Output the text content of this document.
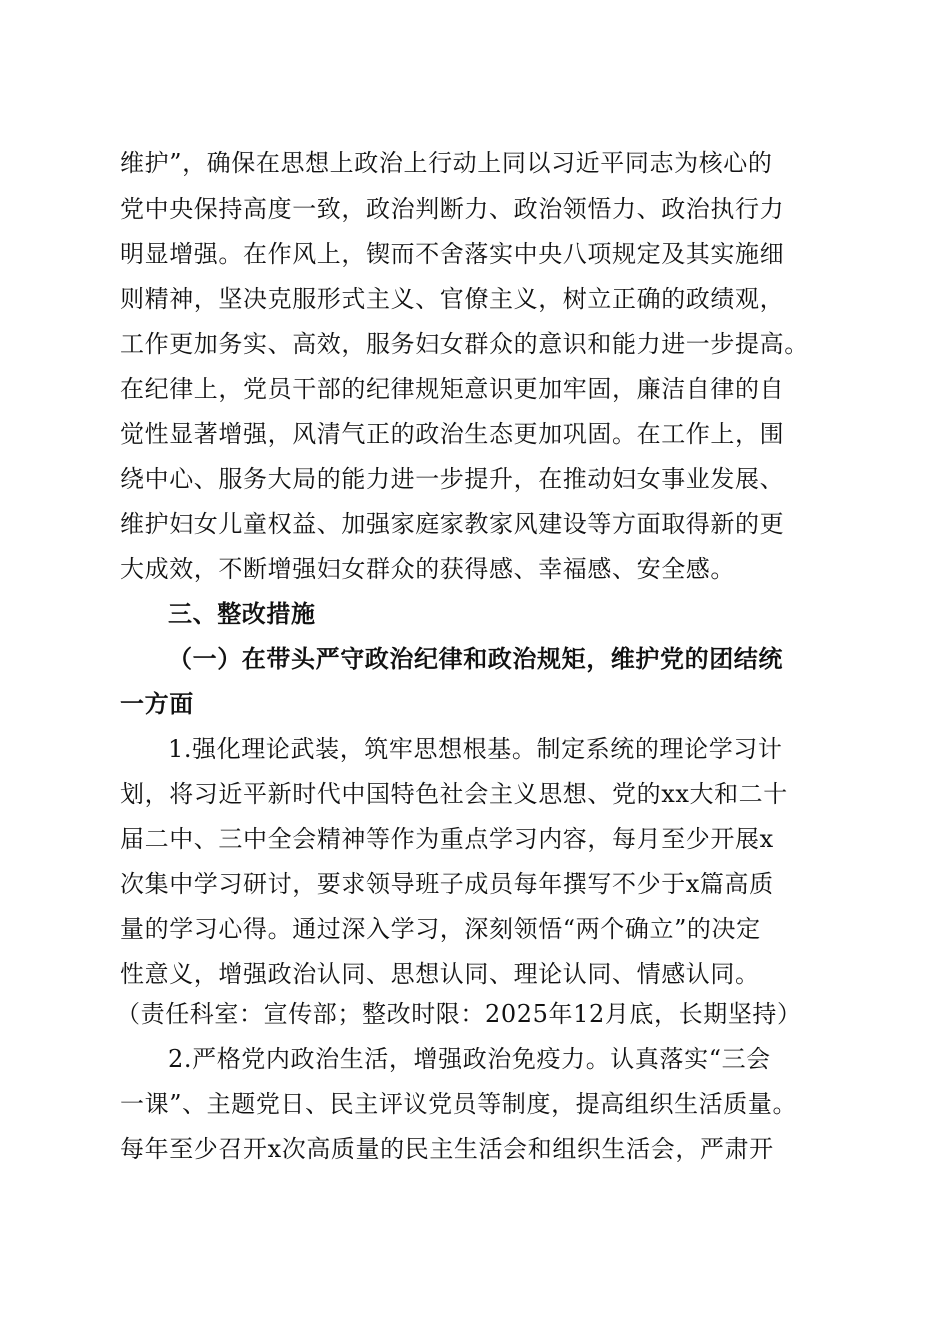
维护”，确保在思想上政治上行动上同以习近平同志为核心的
党中央保持高度一致，政治判断力、政治领悟力、政治执行力
明显增强。在作风上，锲而不舍落实中央八项规定及其实施细
则精神，坚决克服形式主义、官僚主义，树立正确的政绩观，
工作更加务实、高效，服务妇女群众的意识和能力进一步提高。
在纪律上，党员干部的纪律规矩意识更加牢固，廉洁自律的自
觉性显著增强，风清气正的政治生态更加巩固。在工作上，围
绕中心、服务大局的能力进一步提升，在推动妇女事业发展、
维护妇女儿童权益、加强家庭家教家风建设等方面取得新的更
大成效，不断增强妇女群众的获得感、幸福感、安全感。
三、整改措施
（一）在带头严守政治纪律和政治规矩，维护党的团结统
一方面
1.强化理论武装，筑牢思想根基。制定系统的理论学习计
划，将习近平新时代中国特色社会主义思想、党的xx大和二十
届二中、三中全会精神等作为重点学习内容，每月至少开展x
次集中学习研讨，要求领导班子成员每年撰写不少于x篇高质
量的学习心得。通过深入学习，深刻领悟“两个确立”的决定
性意义，增强政治认同、思想认同、理论认同、情感认同。
（责任科室：宣传部；整改时限：2025年12月底，长期坚持）
2.严格党内政治生活，增强政治免疫力。认真落实“三会
一课”、主题党日、民主评议党员等制度，提高组织生活质量。
每年至少召开x次高质量的民主生活会和组织生活会，严肃开
